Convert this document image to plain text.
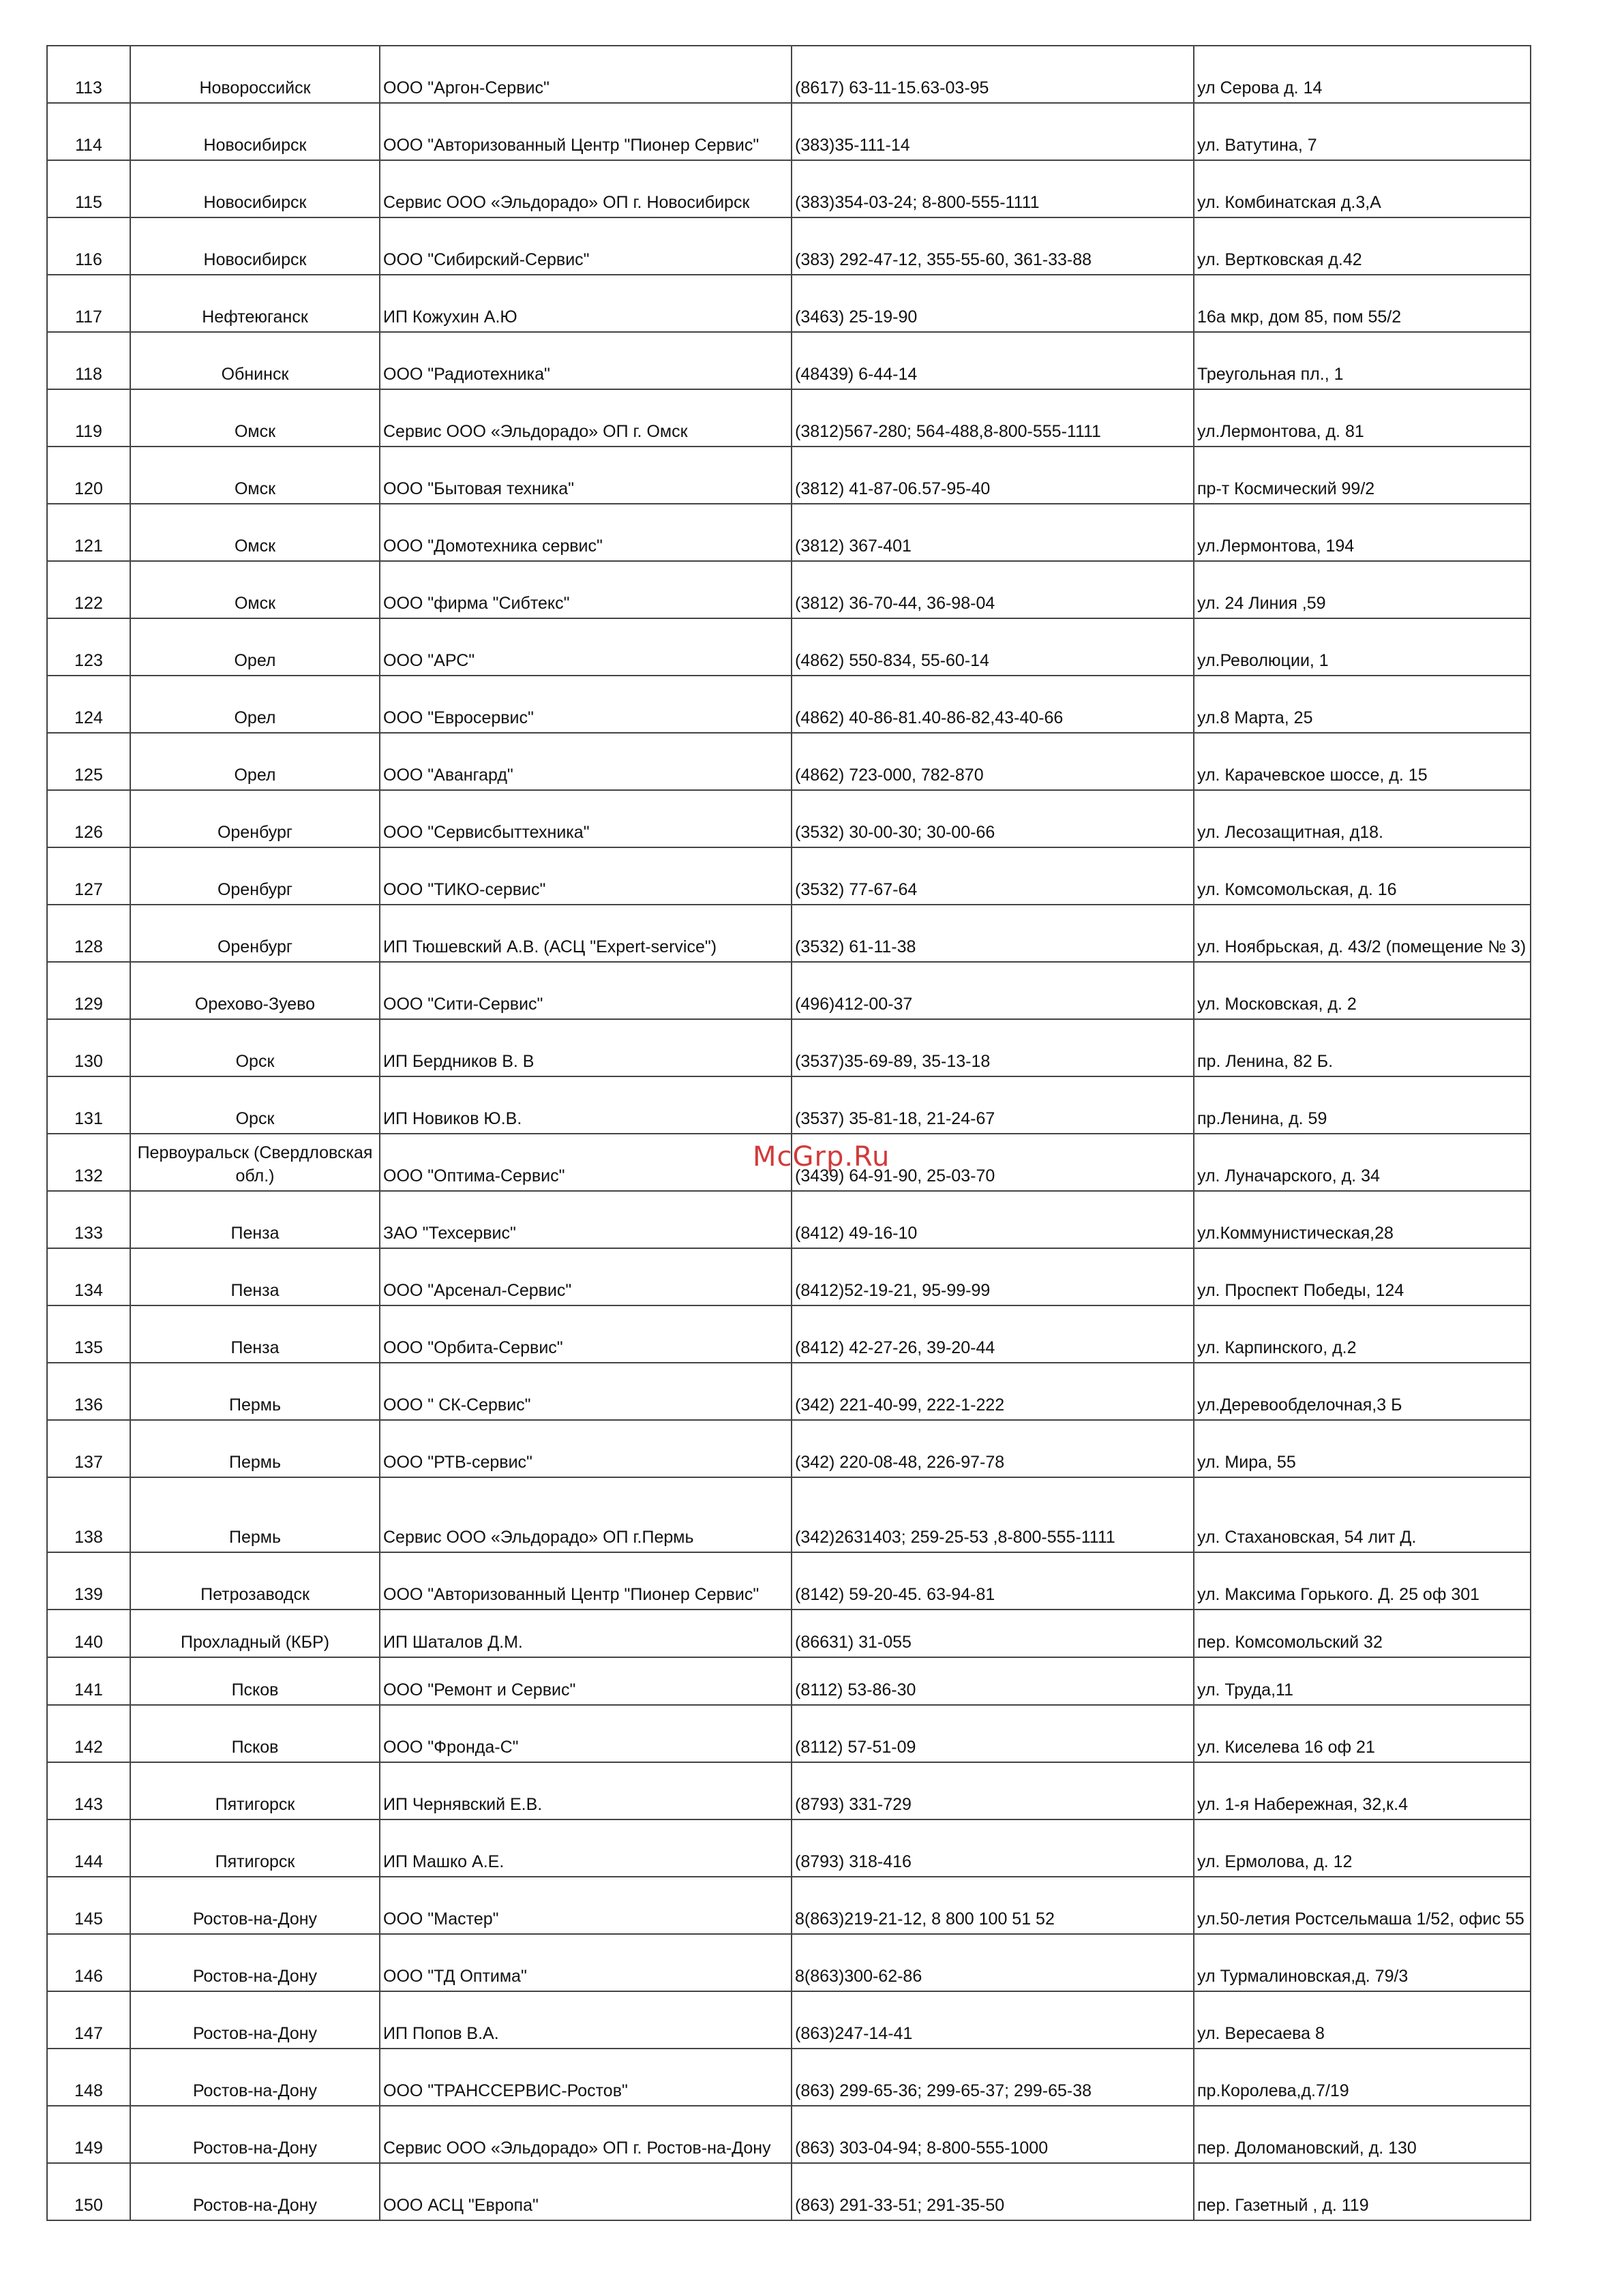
113	Новороссийск	ООО "Аргон-Сервис"	(8617) 63-11-15.63-03-95	ул Серова д. 14
114	Новосибирск	ООО "Авторизованный Центр "Пионер Сервис"	(383)35-111-14	ул. Ватутина, 7
115	Новосибирск	Сервис ООО «Эльдорадо» ОП г. Новосибирск	(383)354-03-24; 8-800-555-1111	ул. Комбинатская д.3,А
116	Новосибирск	ООО "Сибирский-Сервис"	(383) 292-47-12, 355-55-60, 361-33-88	ул. Вертковская д.42
117	Нефтеюганск	ИП Кожухин А.Ю	(3463) 25-19-90	16а мкр, дом 85, пом 55/2
118	Обнинск	ООО "Радиотехника"	(48439) 6-44-14	Треугольная пл., 1
119	Омск	Сервис ООО «Эльдорадо» ОП г. Омск	(3812)567-280; 564-488,8-800-555-1111	ул.Лермонтова, д. 81
120	Омск	ООО "Бытовая техника"	(3812) 41-87-06.57-95-40	пр-т Космический 99/2
121	Омск	ООО "Домотехника сервис"	(3812) 367-401	ул.Лермонтова, 194
122	Омск	ООО "фирма "Сибтекс"	(3812) 36-70-44, 36-98-04	ул. 24 Линия ,59
123	Орел	ООО "АРС"	(4862) 550-834, 55-60-14	ул.Революции, 1
124	Орел	ООО "Евросервис"	(4862) 40-86-81.40-86-82,43-40-66	ул.8 Марта, 25
125	Орел	ООО "Авангард"	(4862) 723-000, 782-870	ул. Карачевское шоссе, д. 15
126	Оренбург	ООО "Сервисбыттехника"	(3532) 30-00-30; 30-00-66	ул. Лесозащитная, д18.
127	Оренбург	ООО "ТИКО-сервис"	(3532) 77-67-64	ул. Комсомольская, д. 16
128	Оренбург	ИП Тюшевский А.В. (АСЦ "Expert-service")	(3532) 61-11-38	ул. Ноябрьская, д. 43/2 (помещение № 3)
129	Орехово-Зуево	ООО "Сити-Сервис"	(496)412-00-37	ул. Московская, д. 2
130	Орск	ИП Бердников В. В	(3537)35-69-89, 35-13-18	пр. Ленина, 82 Б.
131	Орск	ИП Новиков Ю.В.	(3537) 35-81-18, 21-24-67	пр.Ленина, д. 59
132	Первоуральск (Свердловская обл.)	ООО "Оптима-Сервис"	(3439) 64-91-90, 25-03-70	ул. Луначарского, д. 34
133	Пенза	ЗАО "Техсервис"	(8412) 49-16-10	ул.Коммунистическая,28
134	Пенза	ООО "Арсенал-Сервис"	(8412)52-19-21, 95-99-99	ул. Проспект Победы, 124
135	Пенза	ООО "Орбита-Сервис"	(8412) 42-27-26, 39-20-44	ул. Карпинского, д.2
136	Пермь	ООО " СК-Сервис"	(342) 221-40-99, 222-1-222	ул.Деревообделочная,3 Б
137	Пермь	ООО "РТВ-сервис"	(342) 220-08-48, 226-97-78	ул. Мира, 55
138	Пермь	Сервис ООО «Эльдорадо» ОП г.Пермь	(342)2631403; 259-25-53 ,8-800-555-1111	ул. Стахановская, 54 лит Д.
139	Петрозаводск	ООО "Авторизованный Центр "Пионер Сервис"	(8142) 59-20-45. 63-94-81	ул. Максима Горького. Д. 25 оф 301
140	Прохладный (КБР)	ИП Шаталов Д.М.	(86631) 31-055	пер. Комсомольский 32
141	Псков	ООО "Ремонт и Сервис"	(8112) 53-86-30	ул. Труда,11
142	Псков	ООО "Фронда-С"	(8112) 57-51-09	ул. Киселева 16 оф 21
143	Пятигорск	ИП Чернявский Е.В.	(8793) 331-729	ул. 1-я Набережная, 32,к.4
144	Пятигорск	ИП Машко А.Е.	(8793) 318-416	ул. Ермолова, д. 12
145	Ростов-на-Дону	ООО "Мастер"	8(863)219-21-12, 8 800 100 51 52	ул.50-летия Ростсельмаша 1/52, офис 55
146	Ростов-на-Дону	ООО "ТД Оптима"	8(863)300-62-86	ул Турмалиновская,д. 79/3
147	Ростов-на-Дону	ИП Попов В.А.	(863)247-14-41	ул. Вересаева 8
148	Ростов-на-Дону	ООО "ТРАНССЕРВИС-Ростов"	(863) 299-65-36; 299-65-37; 299-65-38	пр.Королева,д.7/19
149	Ростов-на-Дону	Сервис ООО «Эльдорадо» ОП г. Ростов-на-Дону	(863) 303-04-94; 8-800-555-1000	пер. Доломановский, д. 130
150	Ростов-на-Дону	ООО АСЦ "Европа"	(863) 291-33-51; 291-35-50	пер. Газетный , д. 119
McGrp.Ru
